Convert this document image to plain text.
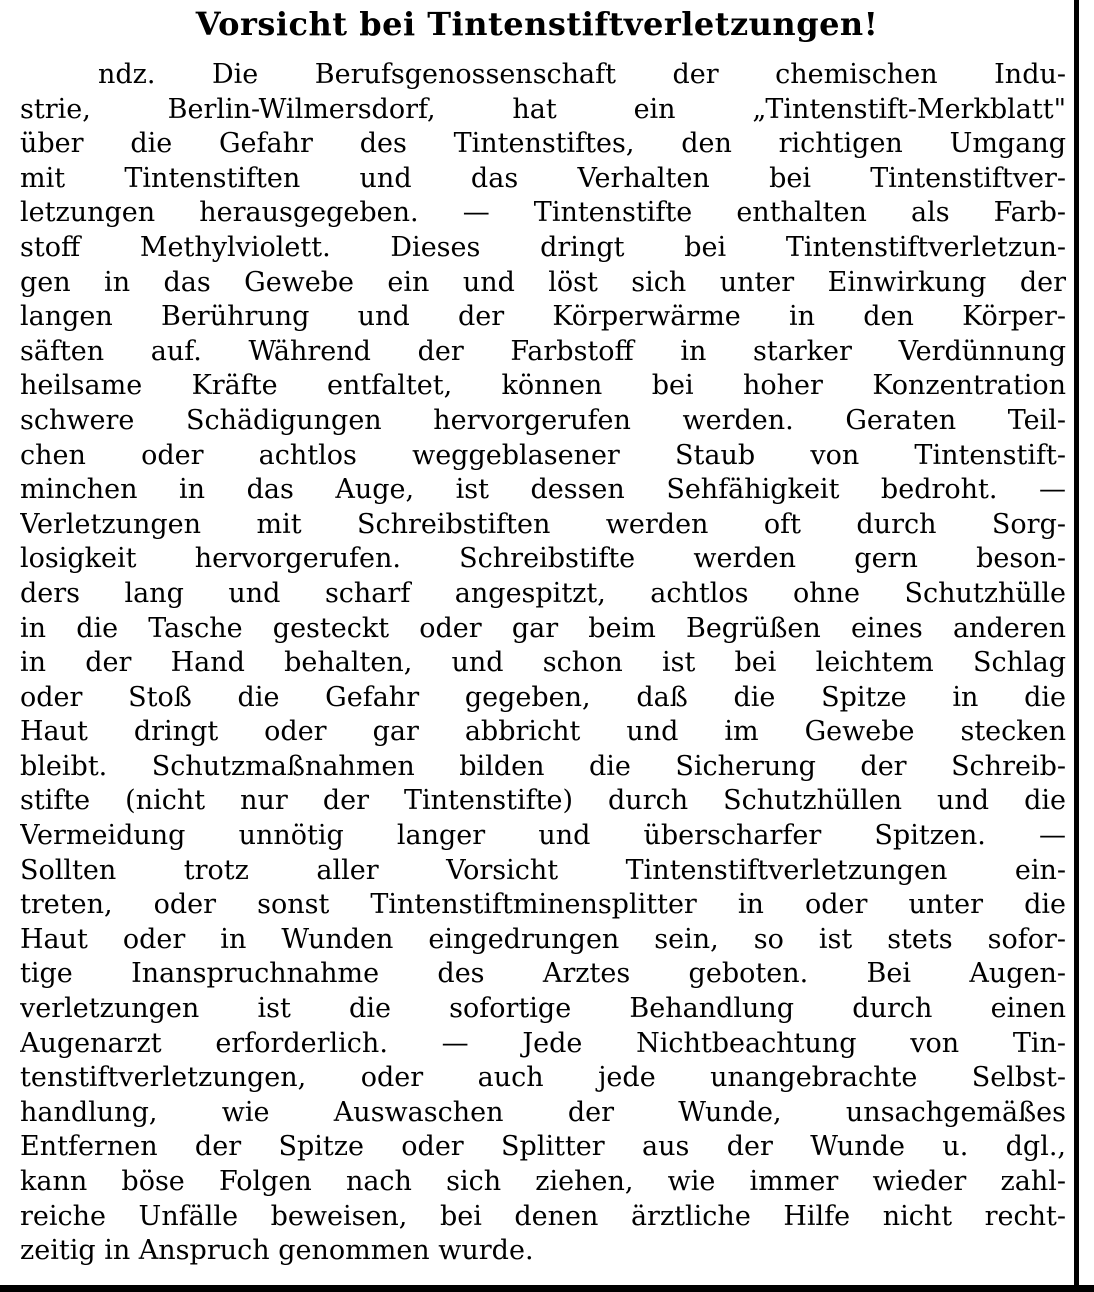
Vorsicht bei Tintenstiftverletzungen!
ndz. Die Berufsgenossenschaft der chemischen Indu-
strie, Berlin-Wilmersdorf, hat ein „Tintenstift-Merkblatt"
über die Gefahr des Tintenstiftes, den richtigen Umgang
mit Tintenstiften und das Verhalten bei Tintenstiftver-
letzungen herausgegeben. — Tintenstifte enthalten als Farb-
stoff Methylviolett. Dieses dringt bei Tintenstiftverletzun-
gen in das Gewebe ein und löst sich unter Einwirkung der
langen Berührung und der Körperwärme in den Körper-
säften auf. Während der Farbstoff in starker Verdünnung
heilsame Kräfte entfaltet, können bei hoher Konzentration
schwere Schädigungen hervorgerufen werden. Geraten Teil-
chen oder achtlos weggeblasener Staub von Tintenstift-
minchen in das Auge, ist dessen Sehfähigkeit bedroht. —
Verletzungen mit Schreibstiften werden oft durch Sorg-
losigkeit hervorgerufen. Schreibstifte werden gern beson-
ders lang und scharf angespitzt, achtlos ohne Schutzhülle
in die Tasche gesteckt oder gar beim Begrüßen eines anderen
in der Hand behalten, und schon ist bei leichtem Schlag
oder Stoß die Gefahr gegeben, daß die Spitze in die
Haut dringt oder gar abbricht und im Gewebe stecken
bleibt. Schutzmaßnahmen bilden die Sicherung der Schreib-
stifte (nicht nur der Tintenstifte) durch Schutzhüllen und die
Vermeidung unnötig langer und überscharfer Spitzen. —
Sollten trotz aller Vorsicht Tintenstiftverletzungen ein-
treten, oder sonst Tintenstiftminensplitter in oder unter die
Haut oder in Wunden eingedrungen sein, so ist stets sofor-
tige Inanspruchnahme des Arztes geboten. Bei Augen-
verletzungen ist die sofortige Behandlung durch einen
Augenarzt erforderlich. — Jede Nichtbeachtung von Tin-
tenstiftverletzungen, oder auch jede unangebrachte Selbst-
handlung, wie Auswaschen der Wunde, unsachgemäßes
Entfernen der Spitze oder Splitter aus der Wunde u. dgl.,
kann böse Folgen nach sich ziehen, wie immer wieder zahl-
reiche Unfälle beweisen, bei denen ärztliche Hilfe nicht recht-
zeitig in Anspruch genommen wurde.
